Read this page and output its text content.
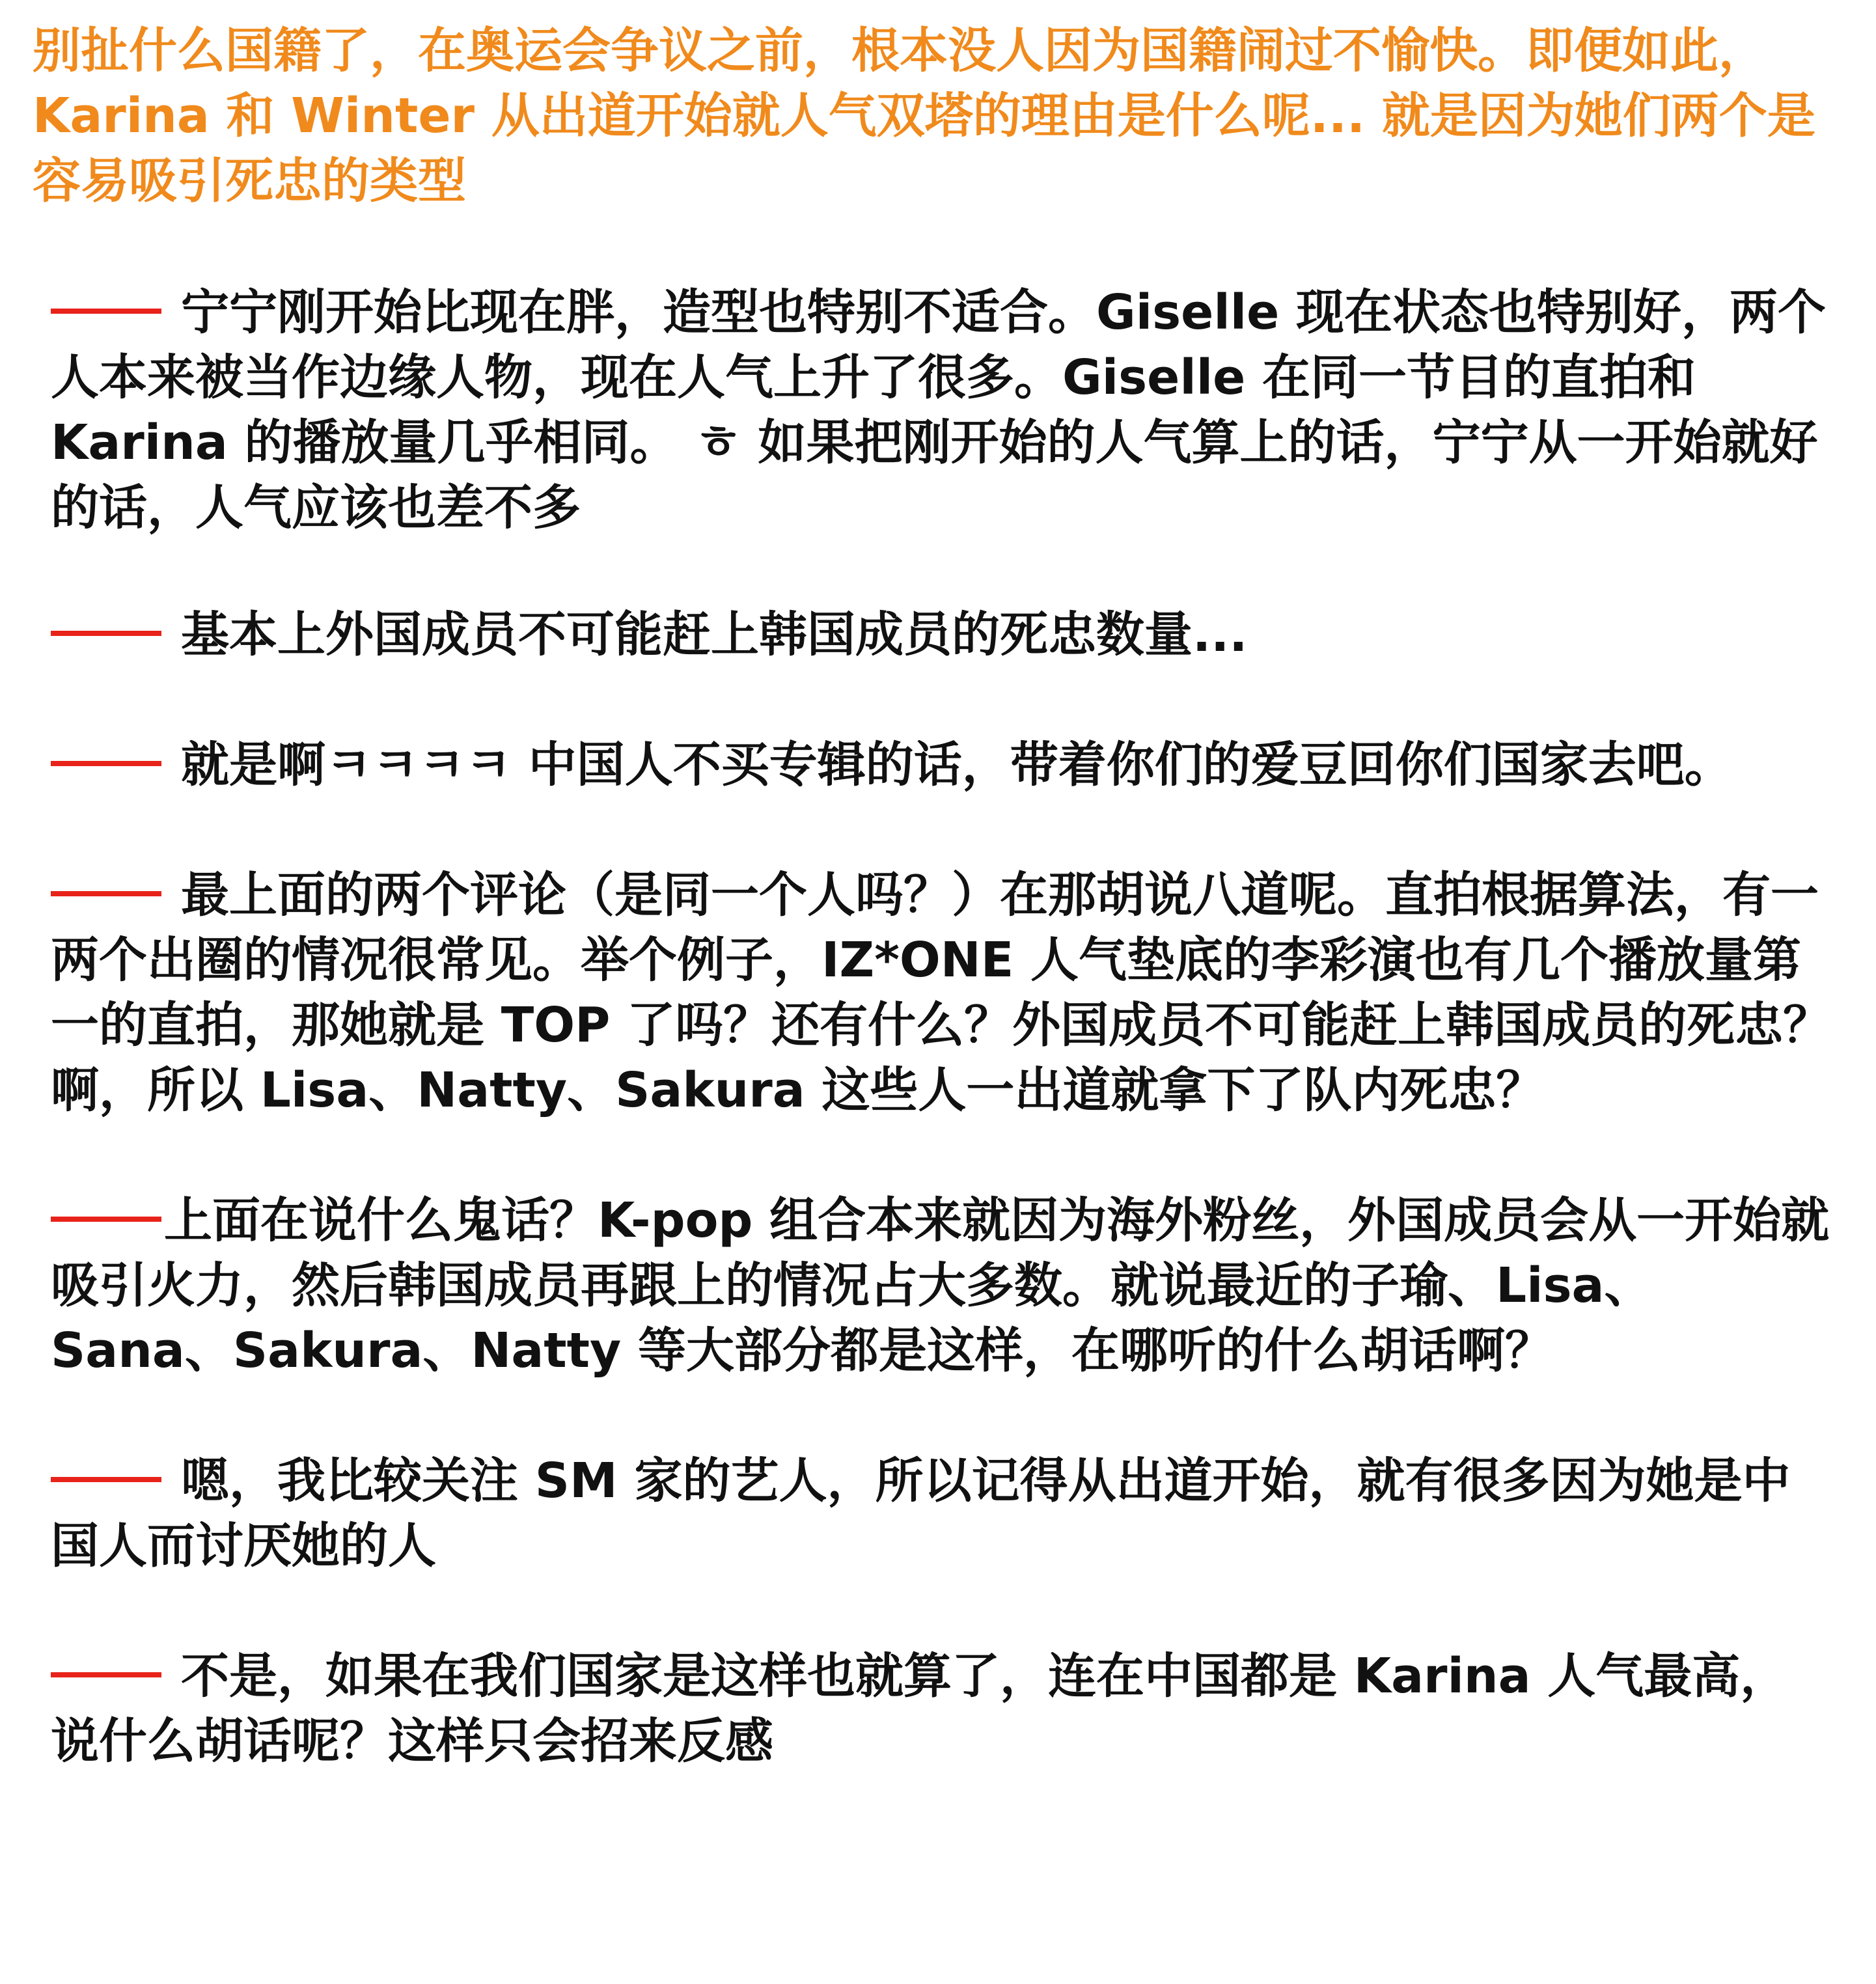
别扯什么国籍了，在奥运会争议之前，根本没人因为国籍闹过不愉快。即便如此，Karina 和 Winter 从出道开始就人气双塔的理由是什么呢... 就是因为她们两个是容易吸引死忠的类型

宁宁刚开始比现在胖，造型也特别不适合。Giselle 现在状态也特别好，两个人本来被当作边缘人物，现在人气上升了很多。Giselle 在同一节目的直拍和 Karina 的播放量几乎相同。 ㅎ 如果把刚开始的人气算上的话，宁宁从一开始就好的话，人气应该也差不多
基本上外国成员不可能赶上韩国成员的死忠数量...
就是啊ㅋㅋㅋㅋ 中国人不买专辑的话，带着你们的爱豆回你们国家去吧。
最上面的两个评论（是同一个人吗？）在那胡说八道呢。直拍根据算法，有一两个出圈的情况很常见。举个例子，IZ*ONE 人气垫底的李彩演也有几个播放量第一的直拍，那她就是 TOP 了吗？还有什么？外国成员不可能赶上韩国成员的死忠？啊，所以 Lisa、Natty、Sakura 这些人一出道就拿下了队内死忠？
上面在说什么鬼话？K-pop 组合本来就因为海外粉丝，外国成员会从一开始就吸引火力，然后韩国成员再跟上的情况占大多数。就说最近的子瑜、Lisa、Sana、Sakura、Natty 等大部分都是这样，在哪听的什么胡话啊？
嗯，我比较关注 SM 家的艺人，所以记得从出道开始，就有很多因为她是中国人而讨厌她的人
不是，如果在我们国家是这样也就算了，连在中国都是 Karina 人气最高，说什么胡话呢？这样只会招来反感
